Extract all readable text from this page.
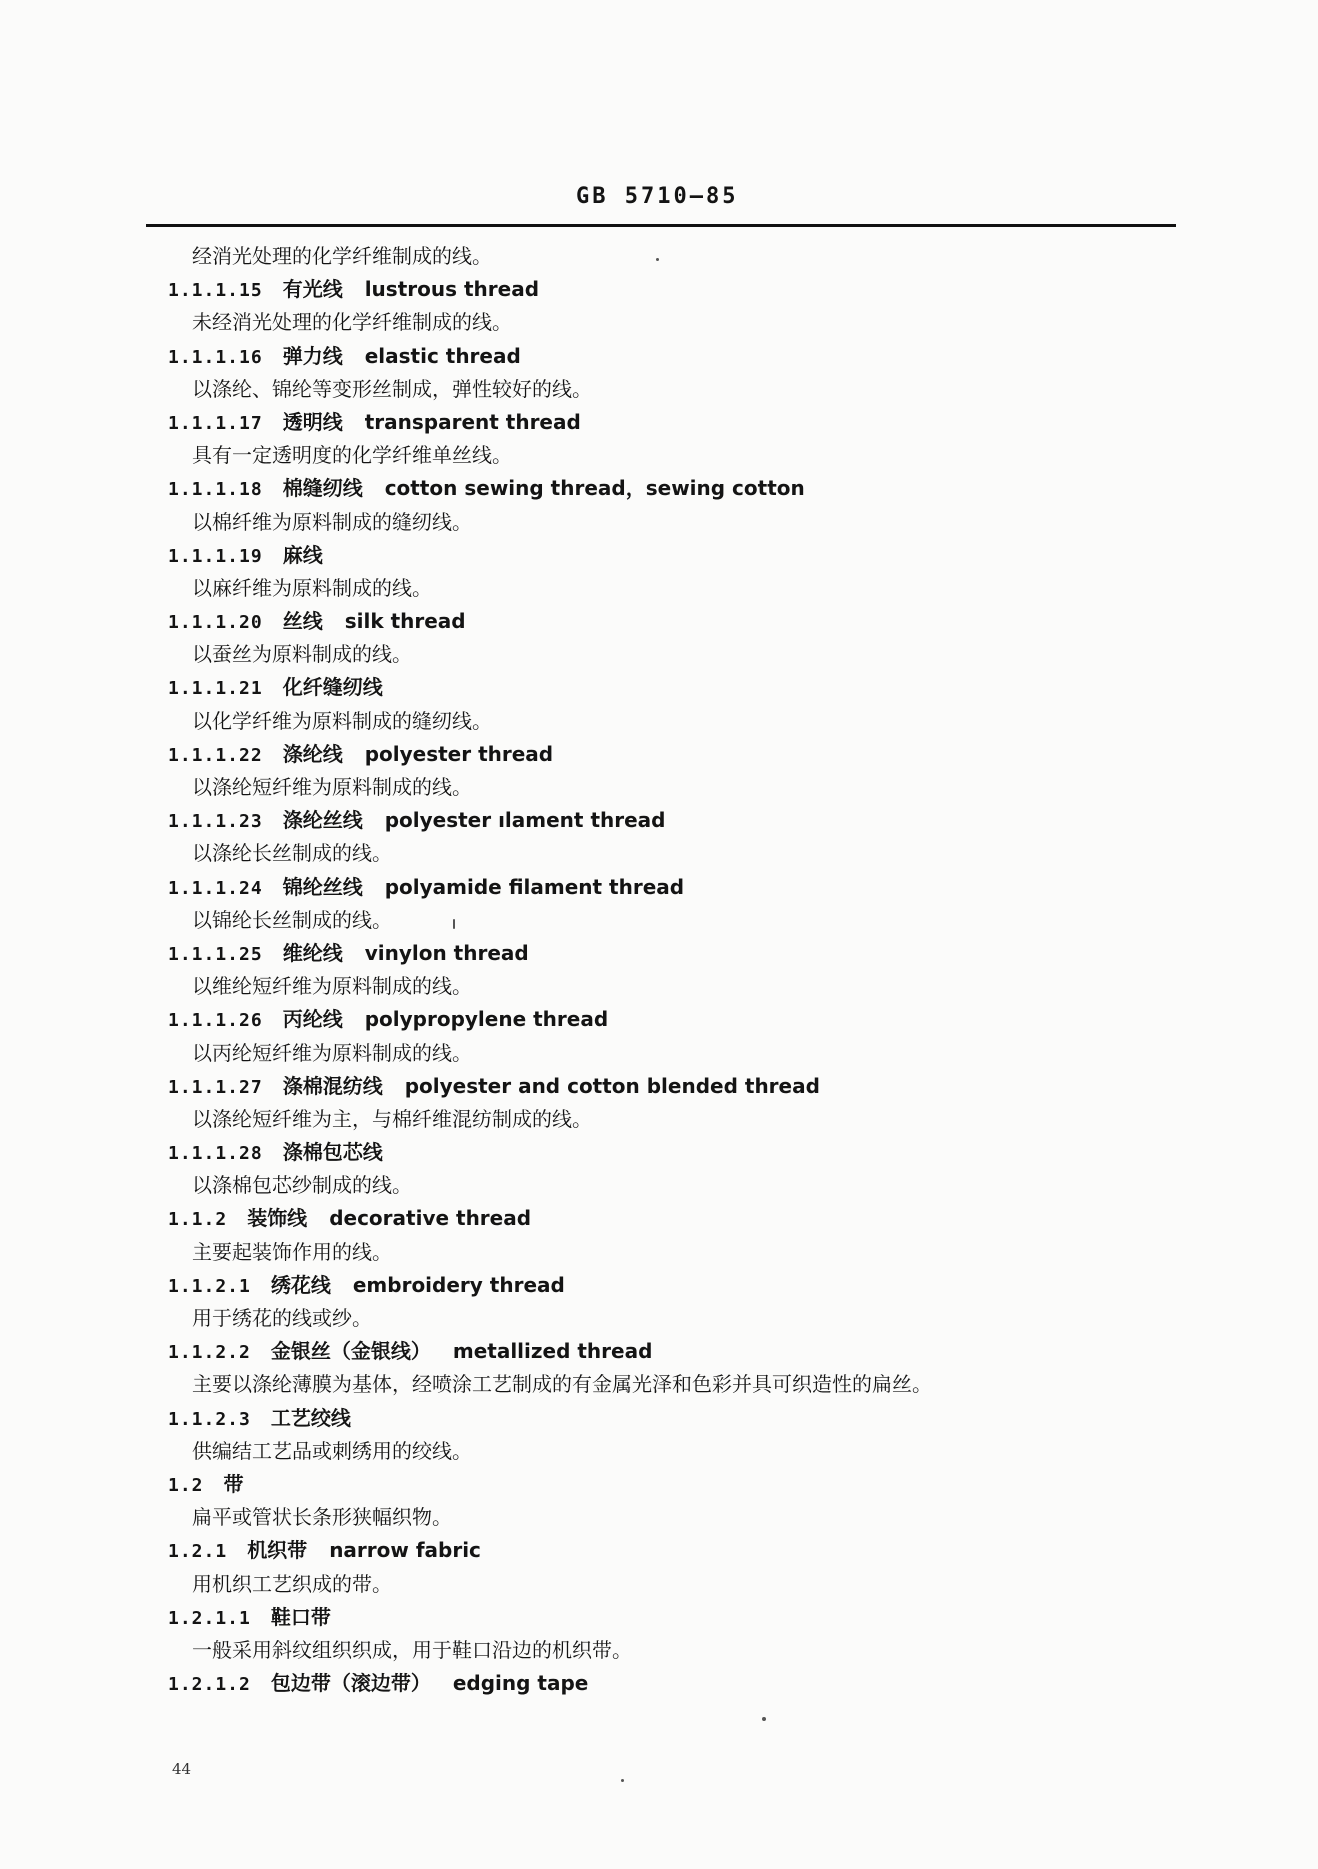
GB 5710—85
经消光处理的化学纤维制成的线。
1.1.1.15 有光线 lustrous thread
未经消光处理的化学纤维制成的线。
1.1.1.16 弹力线 elastic thread
以涤纶、锦纶等变形丝制成，弹性较好的线。
1.1.1.17 透明线 transparent thread
具有一定透明度的化学纤维单丝线。
1.1.1.18 棉缝纫线 cotton sewing thread，sewing cotton
以棉纤维为原料制成的缝纫线。
1.1.1.19 麻线
以麻纤维为原料制成的线。
1.1.1.20 丝线 silk thread
以蚕丝为原料制成的线。
1.1.1.21 化纤缝纫线
以化学纤维为原料制成的缝纫线。
1.1.1.22 涤纶线 polyester thread
以涤纶短纤维为原料制成的线。
1.1.1.23 涤纶丝线 polyester ılament thread
以涤纶长丝制成的线。
1.1.1.24 锦纶丝线 polyamide filament thread
以锦纶长丝制成的线。
1.1.1.25 维纶线 vinylon thread
以维纶短纤维为原料制成的线。
1.1.1.26 丙纶线 polypropylene thread
以丙纶短纤维为原料制成的线。
1.1.1.27 涤棉混纺线 polyester and cotton blended thread
以涤纶短纤维为主，与棉纤维混纺制成的线。
1.1.1.28 涤棉包芯线
以涤棉包芯纱制成的线。
1.1.2 装饰线 decorative thread
主要起装饰作用的线。
1.1.2.1 绣花线 embroidery thread
用于绣花的线或纱。
1.1.2.2 金银丝（金银线） metallized thread
主要以涤纶薄膜为基体，经喷涂工艺制成的有金属光泽和色彩并具可织造性的扁丝。
1.1.2.3 工艺绞线
供编结工艺品或刺绣用的绞线。
1.2 带
扁平或管状长条形狭幅织物。
1.2.1 机织带 narrow fabric
用机织工艺织成的带。
1.2.1.1 鞋口带
一般采用斜纹组织织成，用于鞋口沿边的机织带。
1.2.1.2 包边带（滚边带） edging tape
44
